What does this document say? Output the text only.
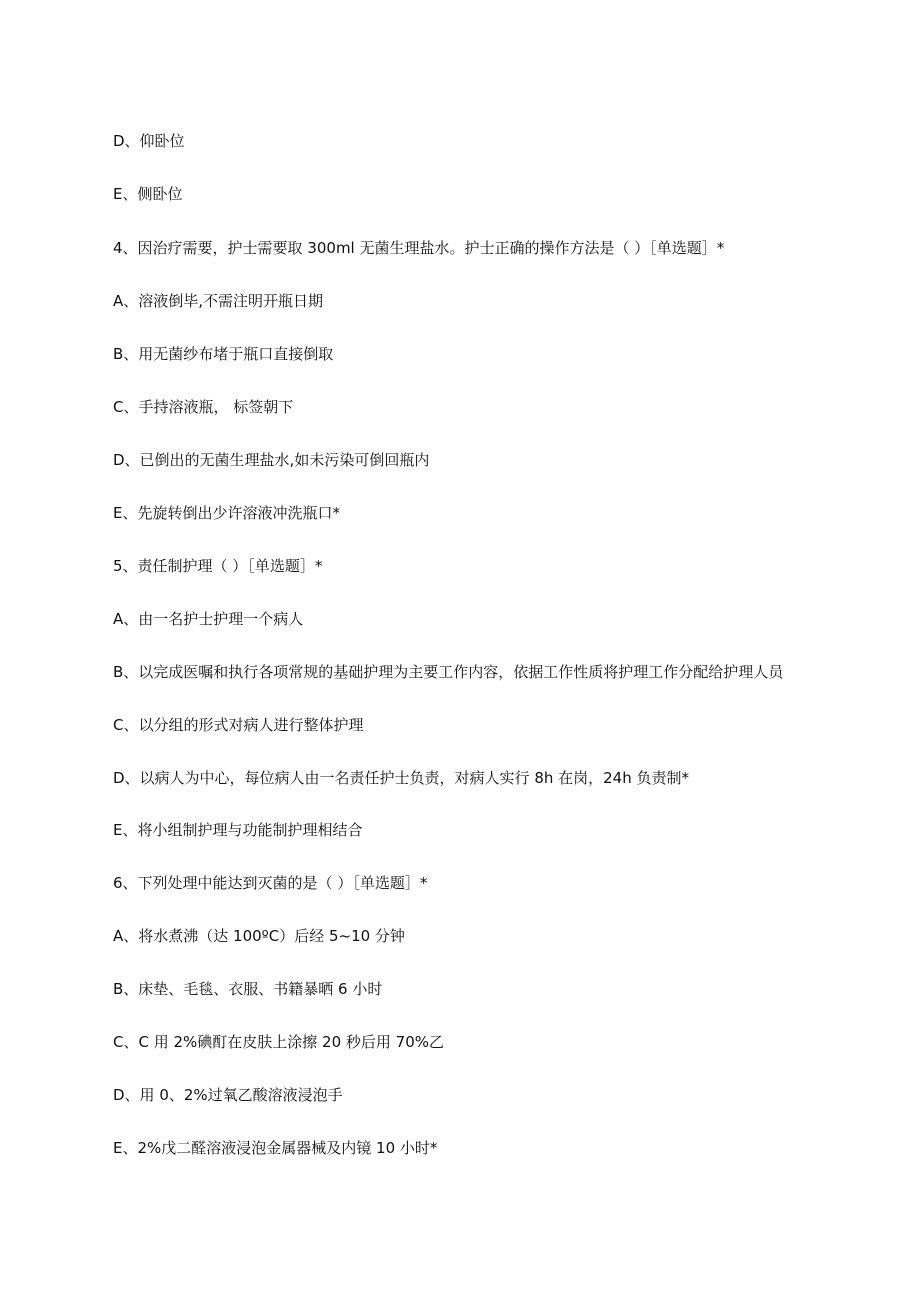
D、仰卧位
E、侧卧位
4、因治疗需要，护士需要取 300ml 无菌生理盐水。护士正确的操作方法是（ ）［单选题］*
A、溶液倒毕,不需注明开瓶日期
B、用无菌纱布堵于瓶口直接倒取
C、手持溶液瓶， 标签朝下
D、已倒出的无菌生理盐水,如未污染可倒回瓶内
E、先旋转倒出少许溶液冲洗瓶口*
5、责任制护理（ ）［单选题］*
A、由一名护士护理一个病人
B、以完成医嘱和执行各项常规的基础护理为主要工作内容，依据工作性质将护理工作分配给护理人员
C、以分组的形式对病人进行整体护理
D、以病人为中心，每位病人由一名责任护士负责，对病人实行 8h 在岗，24h 负责制*
E、将小组制护理与功能制护理相结合
6、下列处理中能达到灭菌的是（ ）［单选题］*
A、将水煮沸（达 100ºC）后经 5~10 分钟
B、床垫、毛毯、衣服、书籍暴晒 6 小时
C、C 用 2%碘酊在皮肤上涂擦 20 秒后用 70%乙
D、用 0、2%过氧乙酸溶液浸泡手
E、2%戊二醛溶液浸泡金属器械及内镜 10 小时*
